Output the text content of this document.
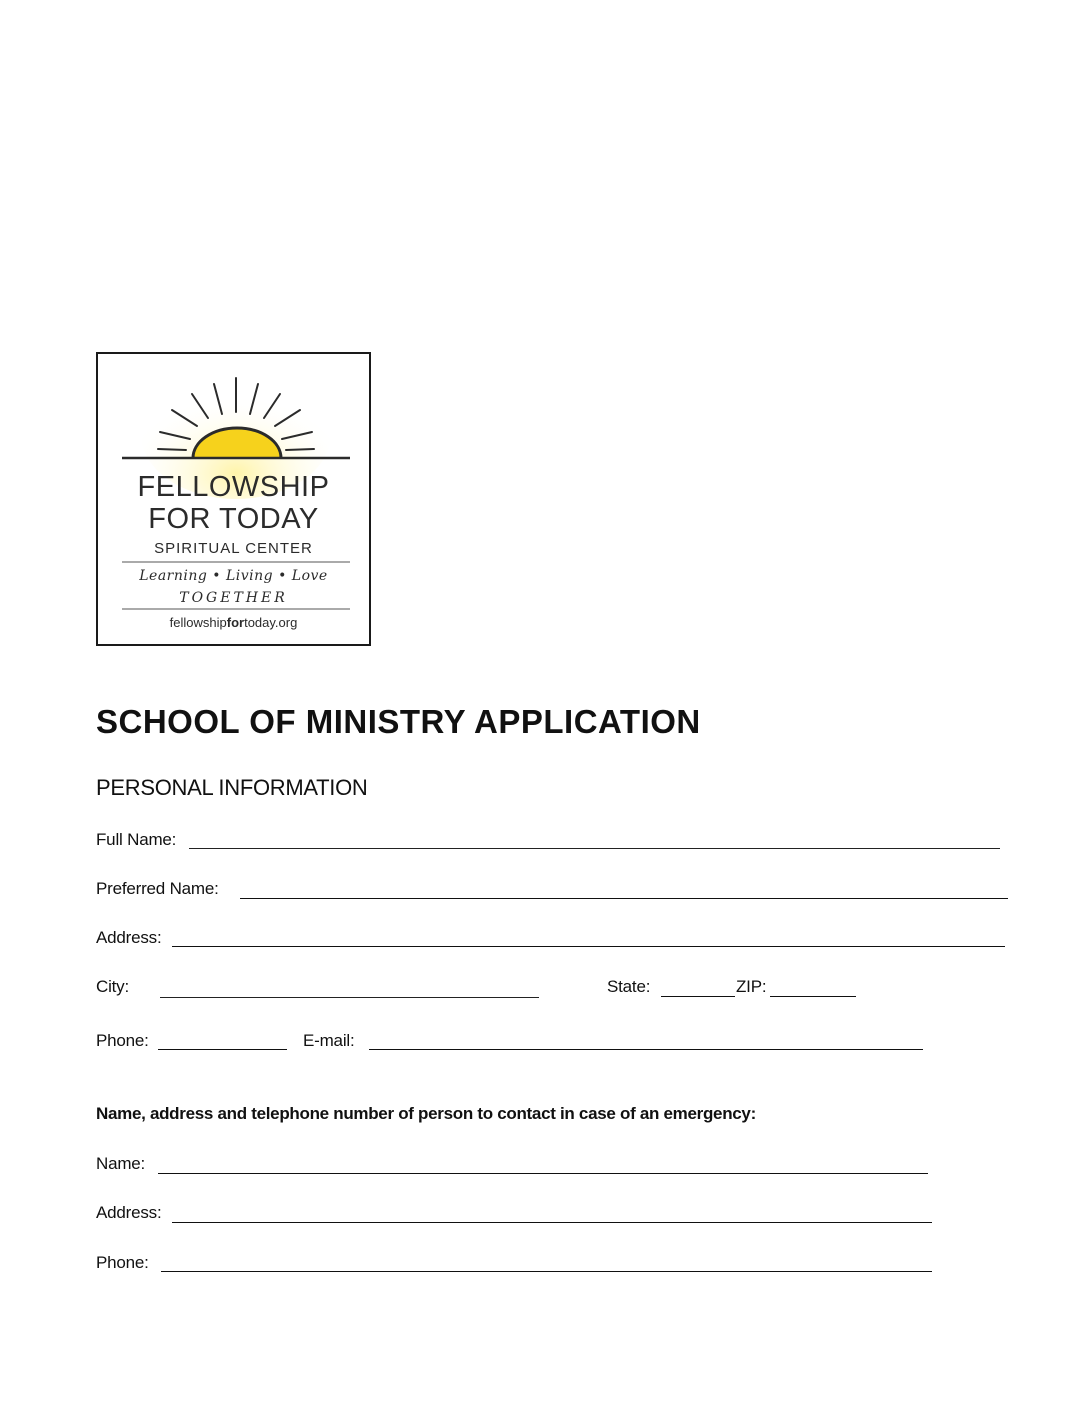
FELLOWSHIP
FOR TODAY
SPIRITUAL CENTER
Learning • Living • Love
TOGETHER
fellowshipfortoday.org
SCHOOL OF MINISTRY APPLICATION
PERSONAL INFORMATION
Full Name:
Preferred Name:
Address:
City:	State:	ZIP:
Phone:	E-mail:
Name, address and telephone number of person to contact in case of an emergency:
Name:
Address:
Phone:
